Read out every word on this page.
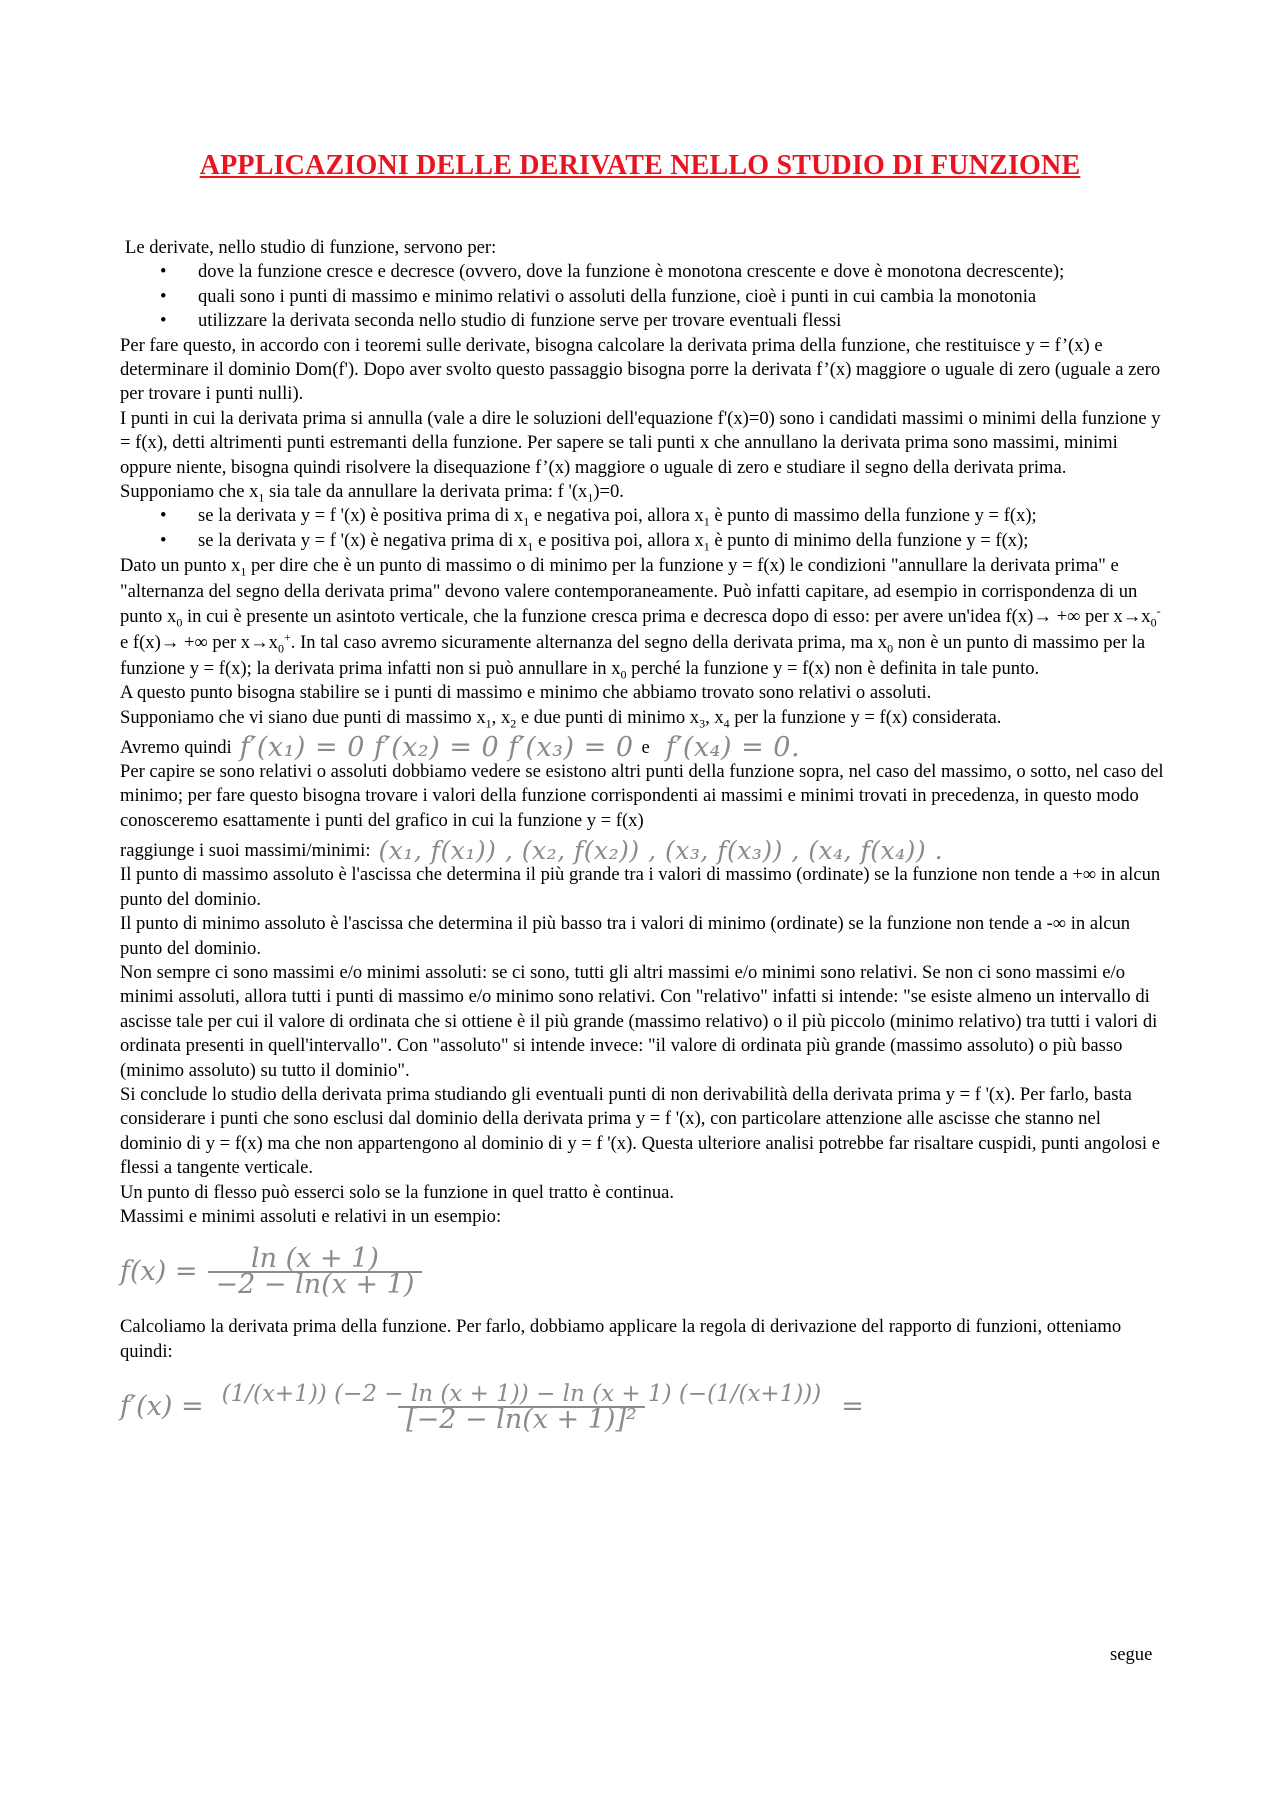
APPLICAZIONI DELLE DERIVATE NELLO STUDIO DI FUNZIONE

Le derivate, nello studio di funzione, servono per:

• dove la funzione cresce e decresce (ovvero, dove la funzione è monotona crescente e dove è monotona decrescente);
• quali sono i punti di massimo e minimo relativi o assoluti della funzione, cioè i punti in cui cambia la monotonia
• utilizzare la derivata seconda nello studio di funzione serve per trovare eventuali flessi

Per fare questo, in accordo con i teoremi sulle derivate, bisogna calcolare la derivata prima della funzione, che restituisce y = f’(x) e determinare il dominio Dom(f'). Dopo aver svolto questo passaggio bisogna porre la derivata f’(x) maggiore o uguale di zero (uguale a zero per trovare i punti nulli).

I punti in cui la derivata prima si annulla (vale a dire le soluzioni dell'equazione f'(x)=0) sono i candidati massimi o minimi della funzione y = f(x), detti altrimenti punti estremanti della funzione. Per sapere se tali punti x che annullano la derivata prima sono massimi, minimi oppure niente, bisogna quindi risolvere la disequazione f’(x) maggiore o uguale di zero e studiare il segno della derivata prima. Supponiamo che $x_1$ sia tale da annullare la derivata prima: f '$(x_1)=0$.

• se la derivata y = f '(x) è positiva prima di $x_1$ e negativa poi, allora $x_1$ è punto di massimo della funzione y = f(x);
• se la derivata y = f '(x) è negativa prima di $x_1$ e positiva poi, allora $x_1$ è punto di minimo della funzione y = f(x);

Dato un punto $x_1$ per dire che è un punto di massimo o di minimo per la funzione y = f(x) le condizioni "annullare la derivata prima" e "alternanza del segno della derivata prima" devono valere contemporaneamente. Può infatti capitare, ad esempio in corrispondenza di un punto $x_0$ in cui è presente un asintoto verticale, che la funzione cresca prima e decresca dopo di esso: per avere un'idea f(x)→ +∞ per $x\to x_0^-$ e f(x)→ +∞ per $x\to x_0^+$. In tal caso avremo sicuramente alternanza del segno della derivata prima, ma $x_0$ non è un punto di massimo per la funzione y = f(x); la derivata prima infatti non si può annullare in $x_0$ perché la funzione y = f(x) non è definita in tale punto.

A questo punto bisogna stabilire se i punti di massimo e minimo che abbiamo trovato sono relativi o assoluti.

Supponiamo che vi siano due punti di massimo $x_1$, $x_2$ e due punti di minimo $x_3$, $x_4$ per la funzione y = f(x) considerata.

Avremo quindi f′(x₁) = 0 f′(x₂) = 0 f′(x₃) = 0 e f′(x₄) = 0.

Per capire se sono relativi o assoluti dobbiamo vedere se esistono altri punti della funzione sopra, nel caso del massimo, o sotto, nel caso del minimo; per fare questo bisogna trovare i valori della funzione corrispondenti ai massimi e minimi trovati in precedenza, in questo modo conosceremo esattamente i punti del grafico in cui la funzione y = f(x)

raggiunge i suoi massimi/minimi: (x₁, f(x₁)) , (x₂, f(x₂)) , (x₃, f(x₃)) , (x₄, f(x₄)) .

Il punto di massimo assoluto è l'ascissa che determina il più grande tra i valori di massimo (ordinate) se la funzione non tende a +∞ in alcun punto del dominio.

Il punto di minimo assoluto è l'ascissa che determina il più basso tra i valori di minimo (ordinate) se la funzione non tende a -∞ in alcun punto del dominio.

Non sempre ci sono massimi e/o minimi assoluti: se ci sono, tutti gli altri massimi e/o minimi sono relativi. Se non ci sono massimi e/o minimi assoluti, allora tutti i punti di massimo e/o minimo sono relativi. Con "relativo" infatti si intende: "se esiste almeno un intervallo di ascisse tale per cui il valore di ordinata che si ottiene è il più grande (massimo relativo) o il più piccolo (minimo relativo) tra tutti i valori di ordinata presenti in quell'intervallo". Con "assoluto" si intende invece: "il valore di ordinata più grande (massimo assoluto) o più basso (minimo assoluto) su tutto il dominio".

Si conclude lo studio della derivata prima studiando gli eventuali punti di non derivabilità della derivata prima y = f '(x). Per farlo, basta considerare i punti che sono esclusi dal dominio della derivata prima y = f '(x), con particolare attenzione alle ascisse che stanno nel dominio di y = f(x) ma che non appartengono al dominio di y = f '(x). Questa ulteriore analisi potrebbe far risaltare cuspidi, punti angolosi e flessi a tangente verticale.

Un punto di flesso può esserci solo se la funzione in quel tratto è continua.

Massimi e minimi assoluti e relativi in un esempio:

$f(x) = \frac{\ln (x + 1)}{-2 - \ln(x + 1)}$

Calcoliamo la derivata prima della funzione. Per farlo, dobbiamo applicare la regola di derivazione del rapporto di funzioni, otteniamo quindi:

$f'(x) = \frac{(1/(x+1)) (-2 - \ln (x + 1)) - \ln (x + 1) (-(1/(x+1)))}{\text{[−2 − ln(x + 1)]²}}$ =
segue
